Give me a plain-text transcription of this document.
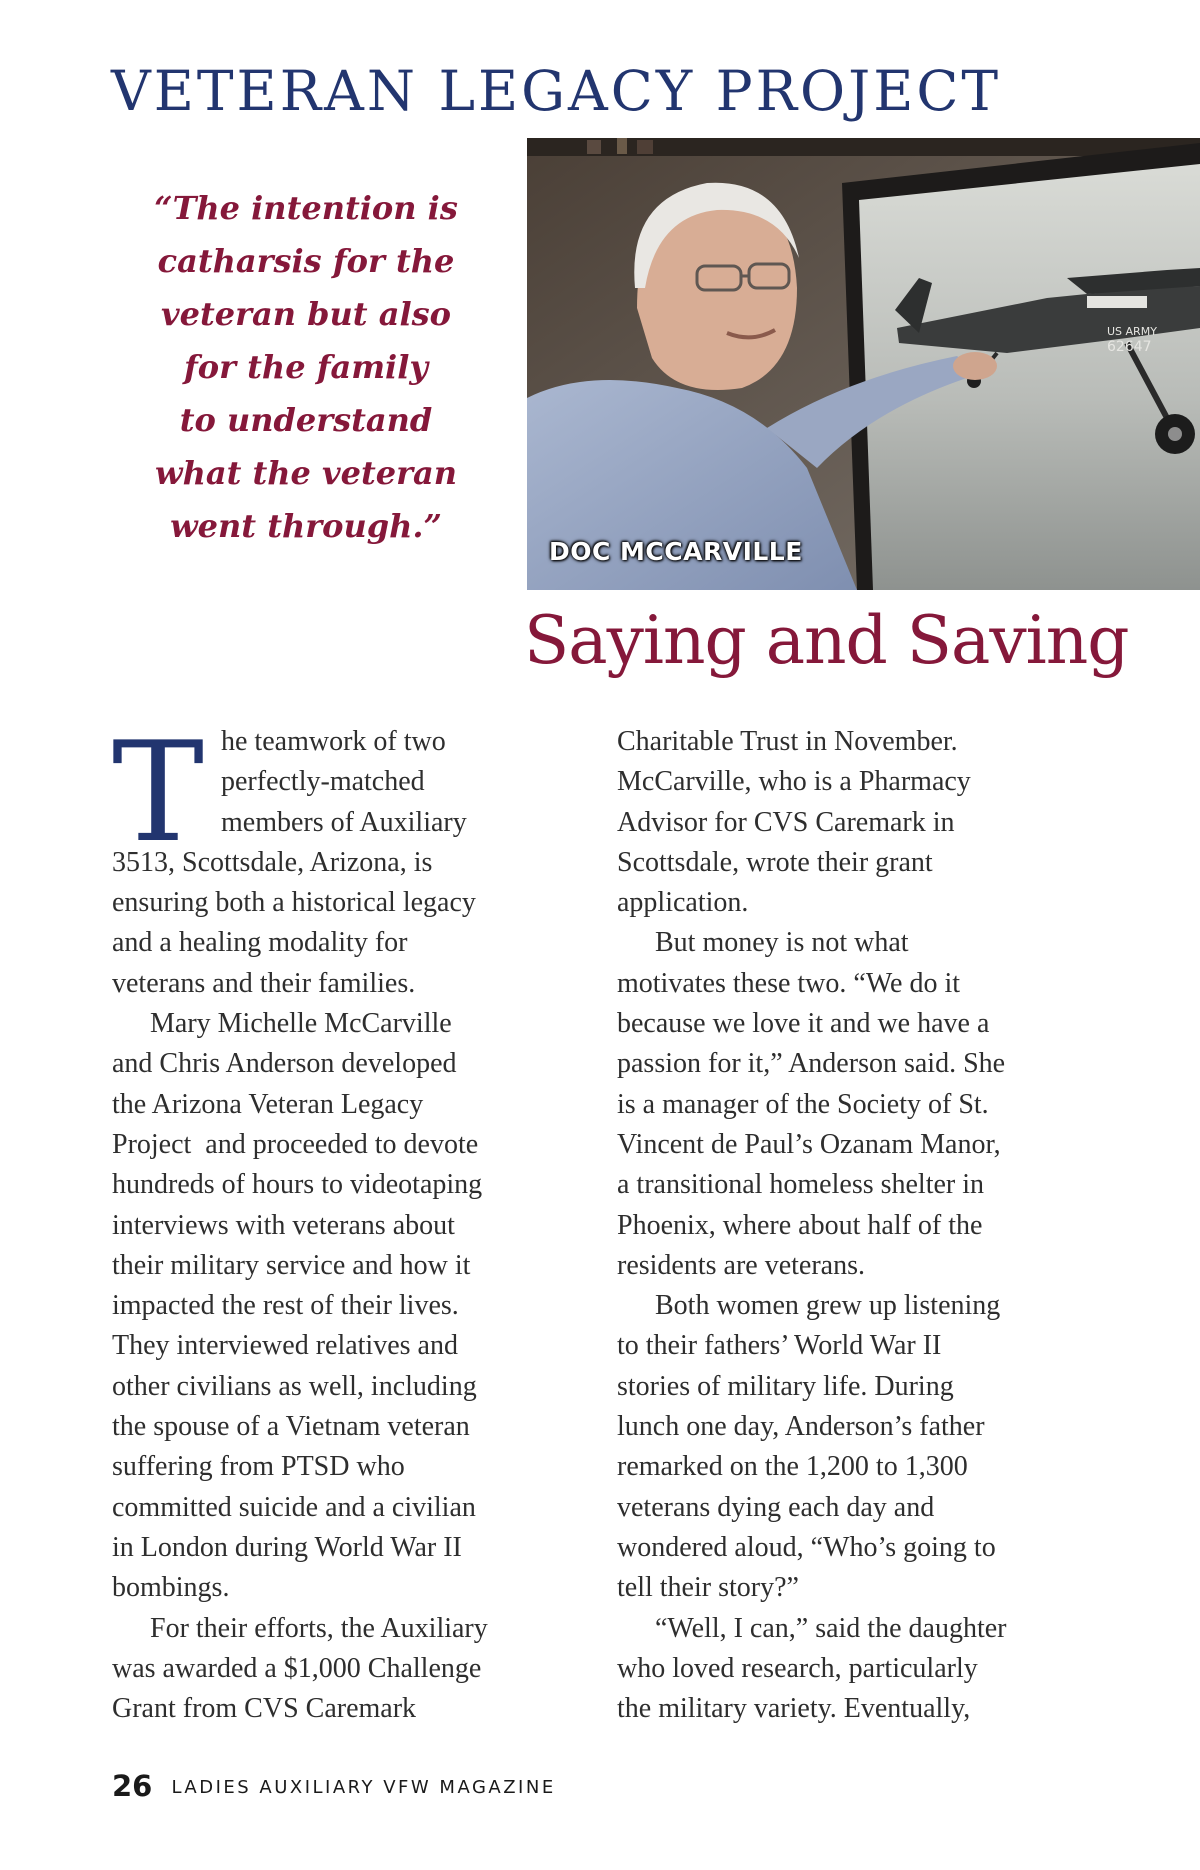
VETERAN LEGACY PROJECT
“The intention is
catharsis for the
veteran but also
for the family
to understand
what the veteran
went through.”
US ARMY
62647
DOC MCCARVILLE
Saying and Saving
T he teamwork of two
perfectly-matched
members of Auxiliary
3513, Scottsdale, Arizona, is
ensuring both a historical legacy
and a healing modality for
veterans and their families.
Mary Michelle McCarville
and Chris Anderson developed
the Arizona Veteran Legacy
Project  and proceeded to devote
hundreds of hours to videotaping
interviews with veterans about
their military service and how it
impacted the rest of their lives.
They interviewed relatives and
other civilians as well, including
the spouse of a Vietnam veteran
suffering from PTSD who
committed suicide and a civilian
in London during World War II
bombings.
For their efforts, the Auxiliary
was awarded a $1,000 Challenge
Grant from CVS Caremark
Charitable Trust in November.
McCarville, who is a Pharmacy
Advisor for CVS Caremark in
Scottsdale, wrote their grant
application.
But money is not what
motivates these two. “We do it
because we love it and we have a
passion for it,” Anderson said. She
is a manager of the Society of St.
Vincent de Paul’s Ozanam Manor,
a transitional homeless shelter in
Phoenix, where about half of the
residents are veterans.
Both women grew up listening
to their fathers’ World War II
stories of military life. During
lunch one day, Anderson’s father
remarked on the 1,200 to 1,300
veterans dying each day and
wondered aloud, “Who’s going to
tell their story?”
“Well, I can,” said the daughter
who loved research, particularly
the military variety. Eventually,
26 LADIES AUXILIARY VFW MAGAZINE
